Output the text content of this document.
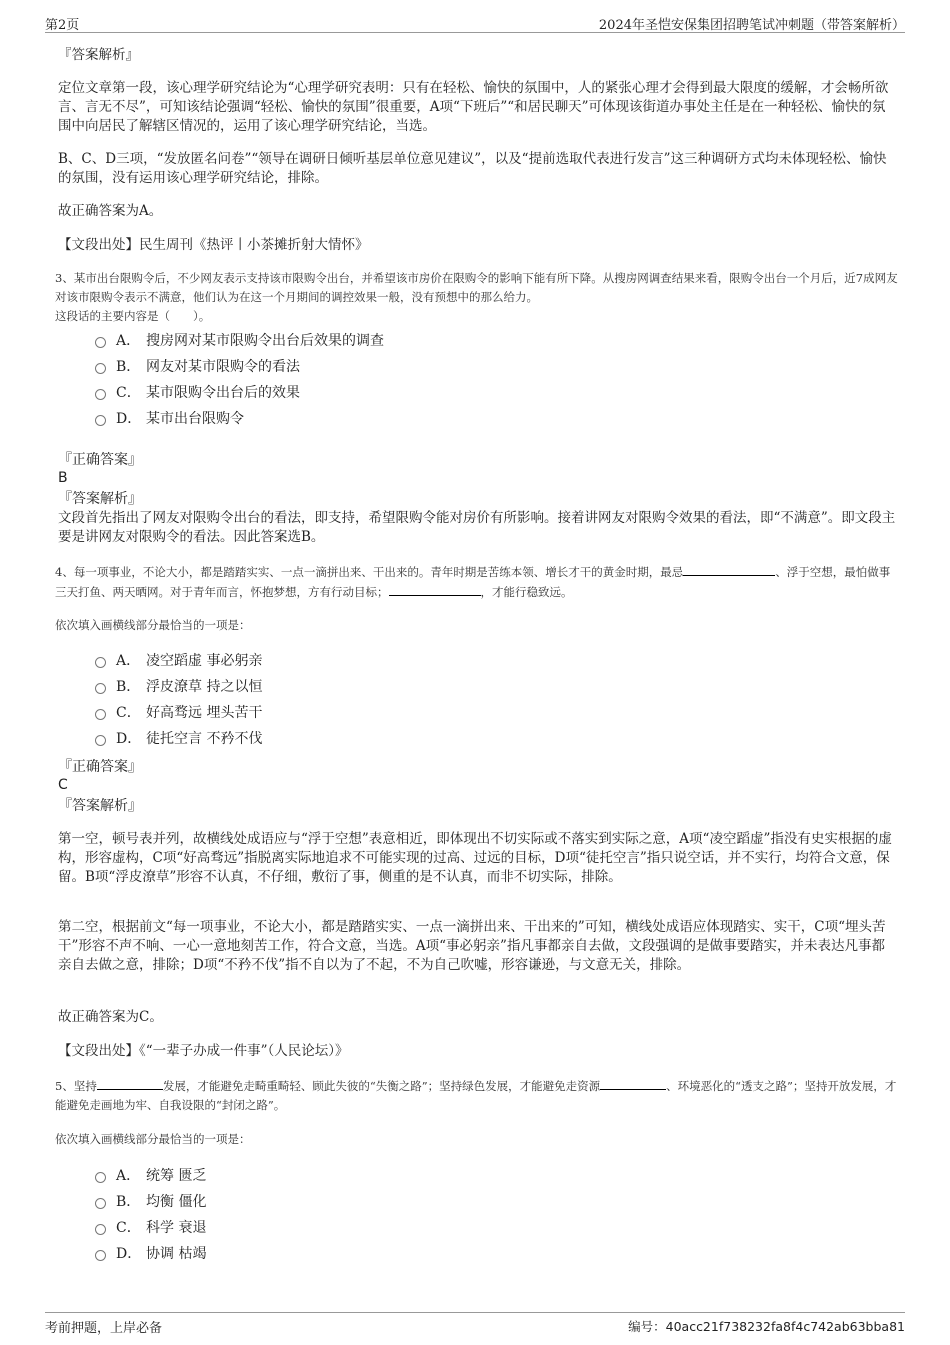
第2页	2024年圣恺安保集团招聘笔试冲刺题（带答案解析）
『答案解析』

定位文章第一段，该心理学研究结论为“心理学研究表明：只有在轻松、愉快的氛围中，人的紧张心理才会得到最大限度的缓解，才会畅所欲言、言无不尽”，可知该结论强调“轻松、愉快的氛围”很重要，A项“下班后”“和居民聊天”可体现该街道办事处主任是在一种轻松、愉快的氛围中向居民了解辖区情况的，运用了该心理学研究结论，当选。

B、C、D三项，“发放匿名问卷”“领导在调研日倾听基层单位意见建议”，以及“提前选取代表进行发言”这三种调研方式均未体现轻松、愉快的氛围，没有运用该心理学研究结论，排除。

故正确答案为A。

【文段出处】民生周刊《热评丨小茶摊折射大情怀》

3、某市出台限购令后，不少网友表示支持该市限购令出台，并希望该市房价在限购令的影响下能有所下降。从搜房网调查结果来看，限购令出台一个月后，近7成网友对该市限购令表示不满意，他们认为在这一个月期间的调控效果一般，没有预想中的那么给力。

这段话的主要内容是（　　）。

A． 搜房网对某市限购令出台后效果的调查
B． 网友对某市限购令的看法
C． 某市限购令出台后的效果
D． 某市出台限购令
『正确答案』
B
『答案解析』

文段首先指出了网友对限购令出台的看法，即支持，希望限购令能对房价有所影响。接着讲网友对限购令效果的看法，即“不满意”。即文段主要是讲网友对限购令的看法。因此答案选B。

4、每一项事业，不论大小，都是踏踏实实、一点一滴拼出来、干出来的。青年时期是苦练本领、增长才干的黄金时期，最忌	、浮于空想，最怕做事三天打鱼、两天晒网。对于青年而言，怀抱梦想，方有行动目标；	，才能行稳致远。

依次填入画横线部分最恰当的一项是：

A． 凌空蹈虚 事必躬亲
B． 浮皮潦草 持之以恒
C． 好高骛远 埋头苦干
D． 徒托空言 不矜不伐
『正确答案』
C
『答案解析』

第一空，顿号表并列，故横线处成语应与“浮于空想”表意相近，即体现出不切实际或不落实到实际之意，A项“凌空蹈虚”指没有史实根据的虚构，形容虚构，C项“好高骛远”指脱离实际地追求不可能实现的过高、过远的目标，D项“徒托空言”指只说空话，并不实行，均符合文意，保留。B项“浮皮潦草”形容不认真，不仔细，敷衍了事，侧重的是不认真，而非不切实际，排除。

第二空，根据前文“每一项事业，不论大小，都是踏踏实实、一点一滴拼出来、干出来的”可知，横线处成语应体现踏实、实干，C项“埋头苦干”形容不声不响、一心一意地刻苦工作，符合文意，当选。A项“事必躬亲”指凡事都亲自去做，文段强调的是做事要踏实，并未表达凡事都亲自去做之意，排除；D项“不矜不伐”指不自以为了不起，不为自己吹嘘，形容谦逊，与文意无关，排除。

故正确答案为C。

【文段出处】《“一辈子办成一件事”（人民论坛）》

5、坚持	发展，才能避免走畸重畸轻、顾此失彼的“失衡之路”；坚持绿色发展，才能避免走资源	、环境恶化的“透支之路”；坚持开放发展，才能避免走画地为牢、自我设限的“封闭之路”。

依次填入画横线部分最恰当的一项是：

A． 统筹 匮乏
B． 均衡 僵化
C． 科学 衰退
D． 协调 枯竭
考前押题，上岸必备	编号：40acc21f738232fa8f4c742ab63bba81
